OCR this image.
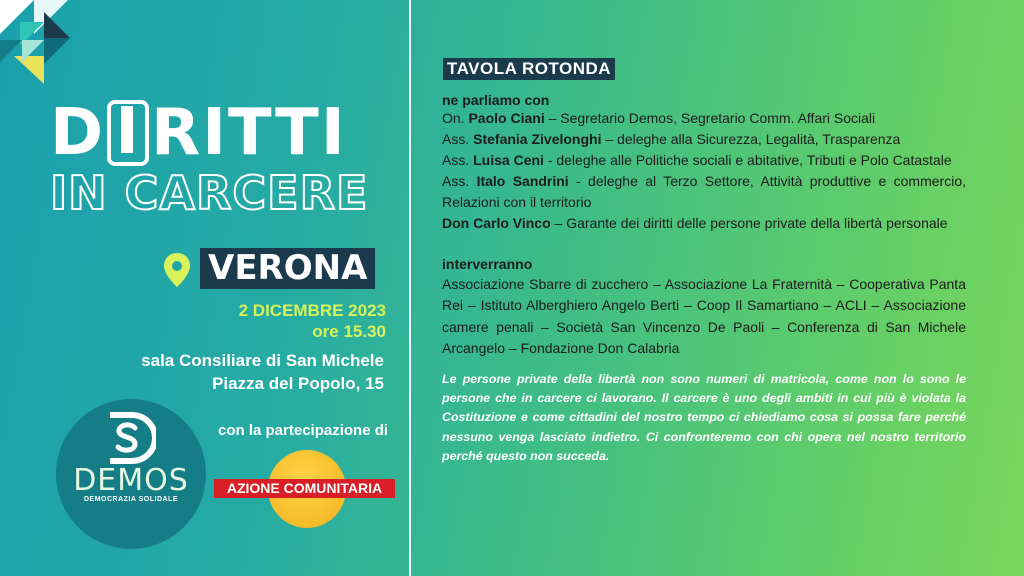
D I RITTI
IN CARCERE
VERONA
2 DICEMBRE 2023
ore 15.30
sala Consiliare di San Michele
Piazza del Popolo, 15
DEMOS
DEMOCRAZIA SOLIDALE
con la partecipazione di
AZIONE COMUNITARIA
TAVOLA ROTONDA
ne parliamo con
On. Paolo Ciani – Segretario Demos, Segretario Comm. Affari Sociali
Ass. Stefania Zivelonghi – deleghe alla Sicurezza, Legalità, Trasparenza
Ass. Luisa Ceni - deleghe alle Politiche sociali e abitative, Tributi e Polo Catastale
Ass. Italo Sandrini - deleghe al Terzo Settore, Attività produttive e commercio, Relazioni con il territorio
Don Carlo Vinco – Garante dei diritti delle persone private della libertà personale
interverranno
Associazione Sbarre di zucchero – Associazione La Fraternità – Cooperativa Panta Rei – Istituto Alberghiero Angelo Berti – Coop Il Samartiano – ACLI – Associazione camere penali – Società San Vincenzo De Paoli – Conferenza di San Michele Arcangelo – Fondazione Don Calabria
Le persone private della libertà non sono numeri di matricola, come non lo sono le persone che in carcere ci lavorano. Il carcere è uno degli ambiti in cui più è violata la Costituzione e come cittadini del nostro tempo ci chiediamo cosa si possa fare perché nessuno venga lasciato indietro. Ci confronteremo con chi opera nel nostro territorio perché questo non succeda.
